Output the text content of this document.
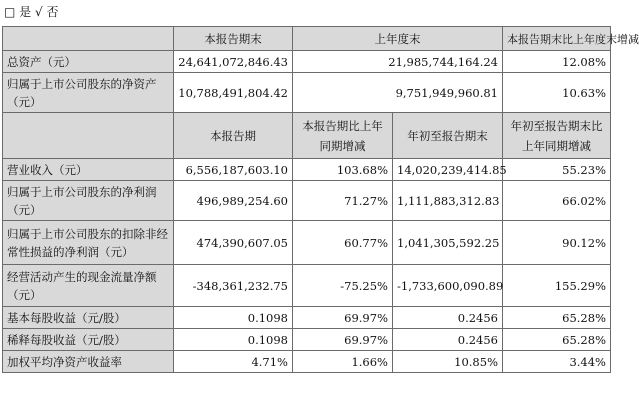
□ 是 √ 否
	本报告期末	上年度末		本报告期末比上年度末增减
总资产（元）	24,641,072,846.43	21,985,744,164.24		12.08%
归属于上市公司股东的净资产（元）	10,788,491,804.42	9,751,949,960.81		10.63%
	本报告期	本报告期比上年同期增减	年初至报告期末	年初至报告期末比上年同期增减
营业收入（元）	6,556,187,603.10	103.68%	14,020,239,414.85	55.23%
归属于上市公司股东的净利润（元）	496,989,254.60	71.27%	1,111,883,312.83	66.02%
归属于上市公司股东的扣除非经常性损益的净利润（元）	474,390,607.05	60.77%	1,041,305,592.25	90.12%
经营活动产生的现金流量净额（元）	-348,361,232.75	-75.25%	-1,733,600,090.89	155.29%
基本每股收益（元/股）	0.1098	69.97%	0.2456	65.28%
稀释每股收益（元/股）	0.1098	69.97%	0.2456	65.28%
加权平均净资产收益率	4.71%	1.66%	10.85%	3.44%
